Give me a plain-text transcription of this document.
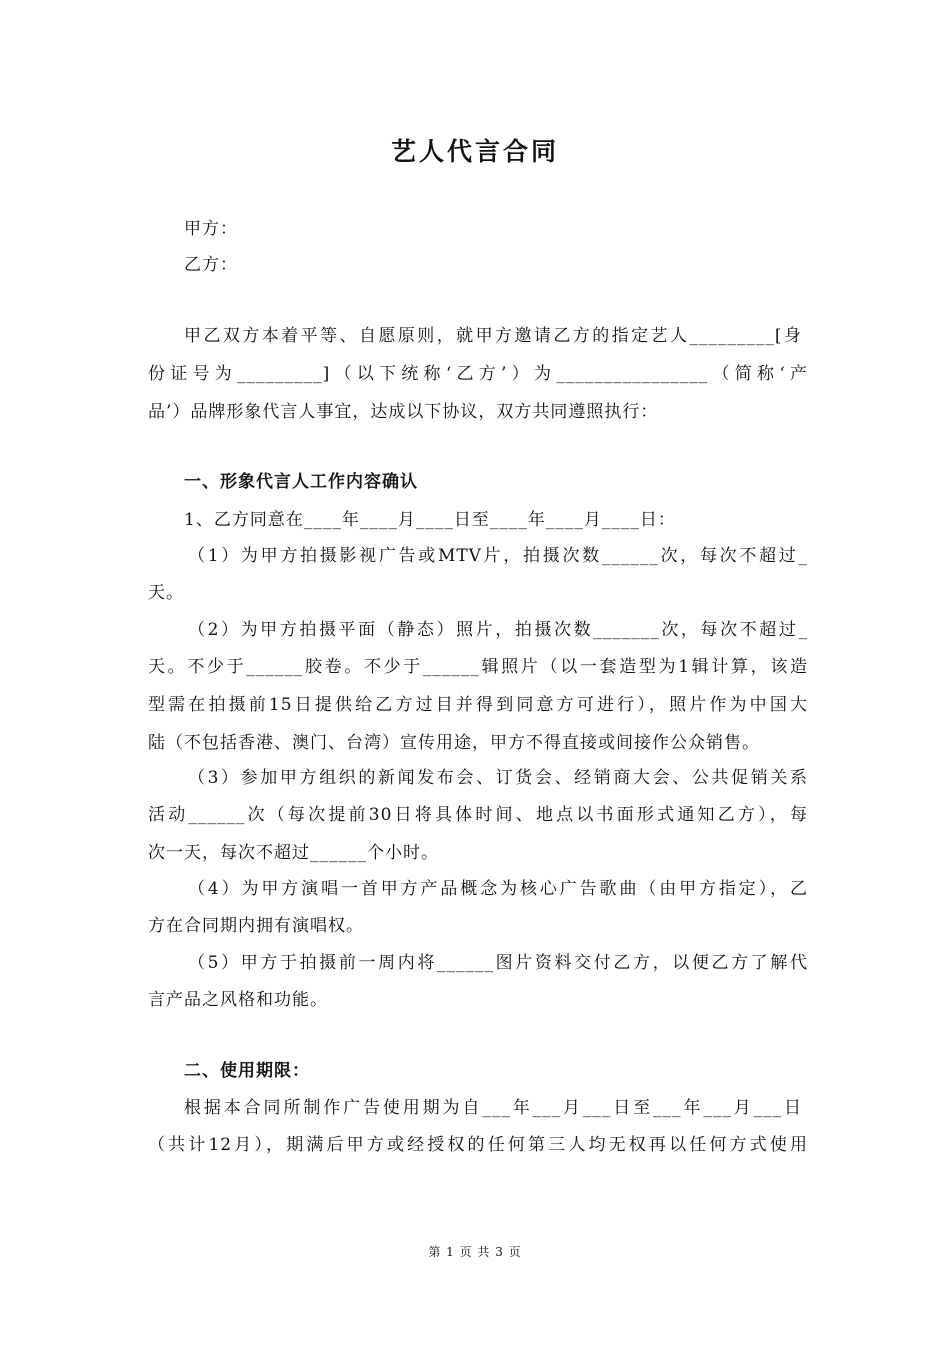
艺人代言合同
甲方：
乙方：
甲乙双方本着平等、自愿原则，就甲方邀请乙方的指定艺人_________[身
份证号为_________]（以下统称‘乙方’）为________________（简称‘产
品’）品牌形象代言人事宜，达成以下协议，双方共同遵照执行：
一、形象代言人工作内容确认
1、乙方同意在____年____月____日至____年____月____日：
（1）为甲方拍摄影视广告或MTV片，拍摄次数______次，每次不超过_
天。
（2）为甲方拍摄平面（静态）照片，拍摄次数_______次，每次不超过_
天。不少于______胶卷。不少于______辑照片（以一套造型为1辑计算，该造
型需在拍摄前15日提供给乙方过目并得到同意方可进行），照片作为中国大
陆（不包括香港、澳门、台湾）宣传用途，甲方不得直接或间接作公众销售。
（3）参加甲方组织的新闻发布会、订货会、经销商大会、公共促销关系
活动______次（每次提前30日将具体时间、地点以书面形式通知乙方），每
次一天，每次不超过______个小时。
（4）为甲方演唱一首甲方产品概念为核心广告歌曲（由甲方指定），乙
方在合同期内拥有演唱权。
（5）甲方于拍摄前一周内将______图片资料交付乙方，以便乙方了解代
言产品之风格和功能。
二、使用期限：
根据本合同所制作广告使用期为自___年___月___日至___年___月___日
（共计12月），期满后甲方或经授权的任何第三人均无权再以任何方式使用
第 1 页 共 3 页
